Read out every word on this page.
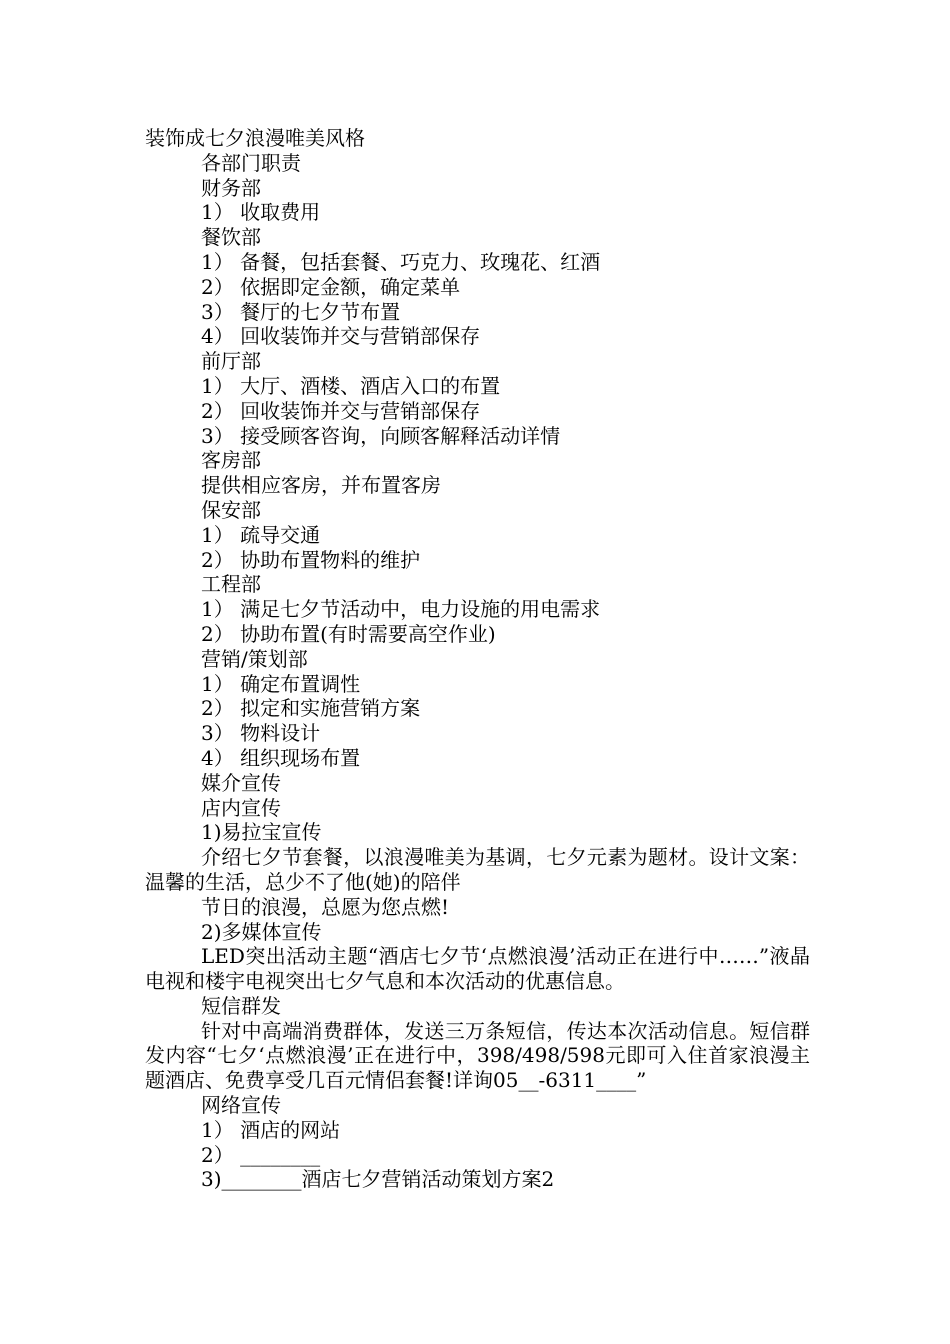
装饰成七夕浪漫唯美风格
各部门职责
财务部
1） 收取费用
餐饮部
1） 备餐，包括套餐、巧克力、玫瑰花、红酒
2） 依据即定金额，确定菜单
3） 餐厅的七夕节布置
4） 回收装饰并交与营销部保存
前厅部
1） 大厅、酒楼、酒店入口的布置
2） 回收装饰并交与营销部保存
3） 接受顾客咨询，向顾客解释活动详情
客房部
提供相应客房，并布置客房
保安部
1） 疏导交通
2） 协助布置物料的维护
工程部
1） 满足七夕节活动中，电力设施的用电需求
2） 协助布置(有时需要高空作业)
营销/策划部
1） 确定布置调性
2） 拟定和实施营销方案
3） 物料设计
4） 组织现场布置
媒介宣传
店内宣传
1)易拉宝宣传
介绍七夕节套餐，以浪漫唯美为基调，七夕元素为题材。设计文案：温馨的生活，总少不了他(她)的陪伴
节日的浪漫，总愿为您点燃!
2)多媒体宣传
LED突出活动主题“酒店七夕节‘点燃浪漫’活动正在进行中……”液晶电视和楼宇电视突出七夕气息和本次活动的优惠信息。
短信群发
针对中高端消费群体，发送三万条短信，传达本次活动信息。短信群发内容“七夕‘点燃浪漫’正在进行中，398/498/598元即可入住首家浪漫主题酒店、免费享受几百元情侣套餐!详询05__-6311____”
网络宣传
1） 酒店的网站
2） ________
3)________酒店七夕营销活动策划方案2
